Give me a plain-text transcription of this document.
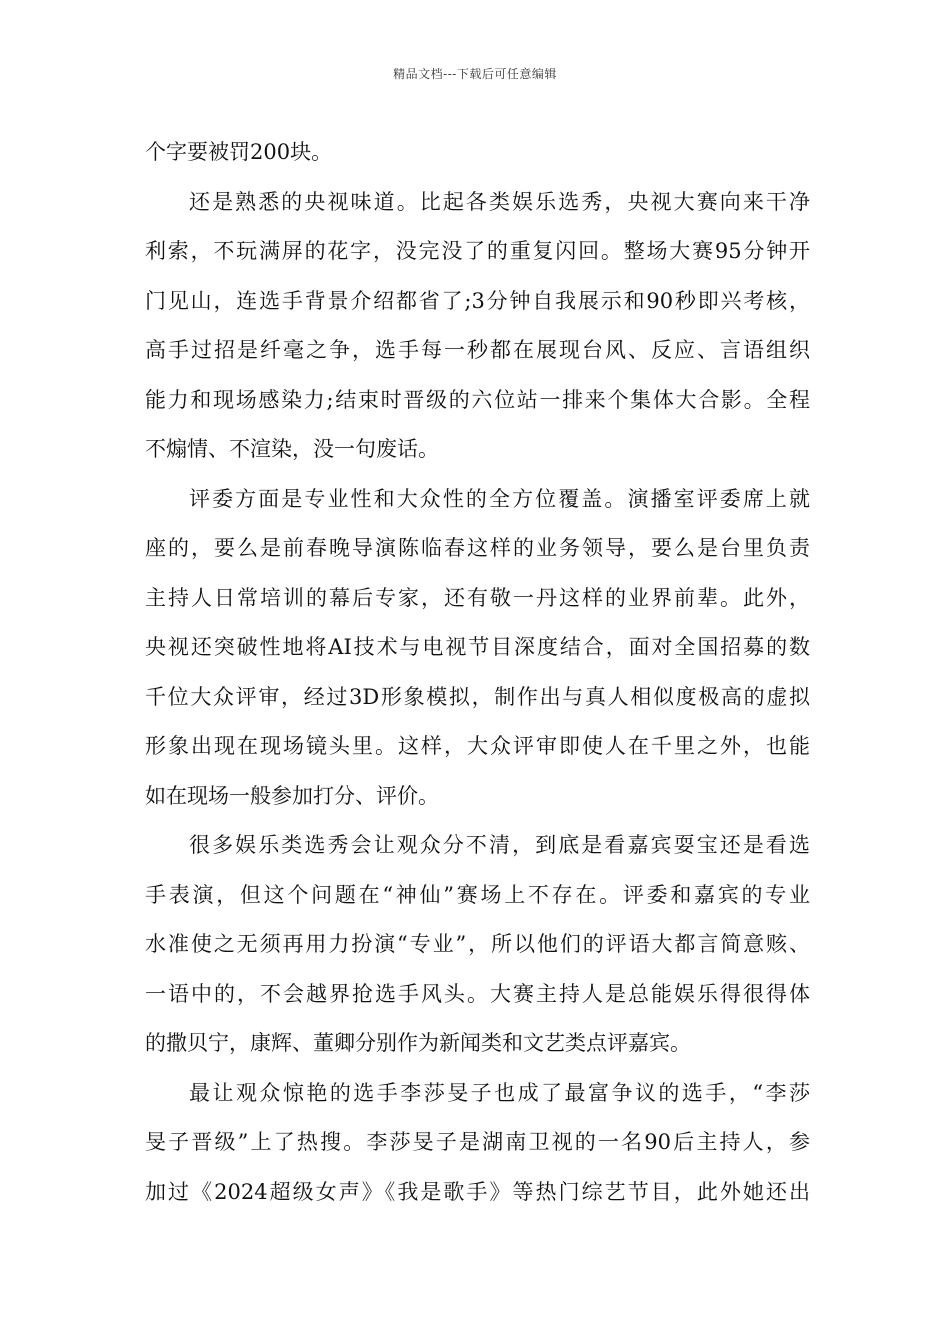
精品文档---下载后可任意编辑
个字要被罚200块。
还是熟悉的央视味道。比起各类娱乐选秀，央视大赛向来干净
利索，不玩满屏的花字，没完没了的重复闪回。整场大赛95分钟开
门见山，连选手背景介绍都省了;3分钟自我展示和90秒即兴考核，
高手过招是纤毫之争，选手每一秒都在展现台风、反应、言语组织
能力和现场感染力;结束时晋级的六位站一排来个集体大合影。全程
不煽情、不渲染，没一句废话。
评委方面是专业性和大众性的全方位覆盖。演播室评委席上就
座的，要么是前春晚导演陈临春这样的业务领导，要么是台里负责
主持人日常培训的幕后专家，还有敬一丹这样的业界前辈。此外，
央视还突破性地将AI技术与电视节目深度结合，面对全国招募的数
千位大众评审，经过3D形象模拟，制作出与真人相似度极高的虚拟
形象出现在现场镜头里。这样，大众评审即使人在千里之外，也能
如在现场一般参加打分、评价。
很多娱乐类选秀会让观众分不清，到底是看嘉宾耍宝还是看选
手表演，但这个问题在“神仙”赛场上不存在。评委和嘉宾的专业
水准使之无须再用力扮演“专业”，所以他们的评语大都言简意赅、
一语中的，不会越界抢选手风头。大赛主持人是总能娱乐得很得体
的撒贝宁，康辉、董卿分别作为新闻类和文艺类点评嘉宾。
最让观众惊艳的选手李莎旻子也成了最富争议的选手，“李莎
旻子晋级”上了热搜。李莎旻子是湖南卫视的一名90后主持人，参
加过《2024超级女声》《我是歌手》等热门综艺节目，此外她还出
